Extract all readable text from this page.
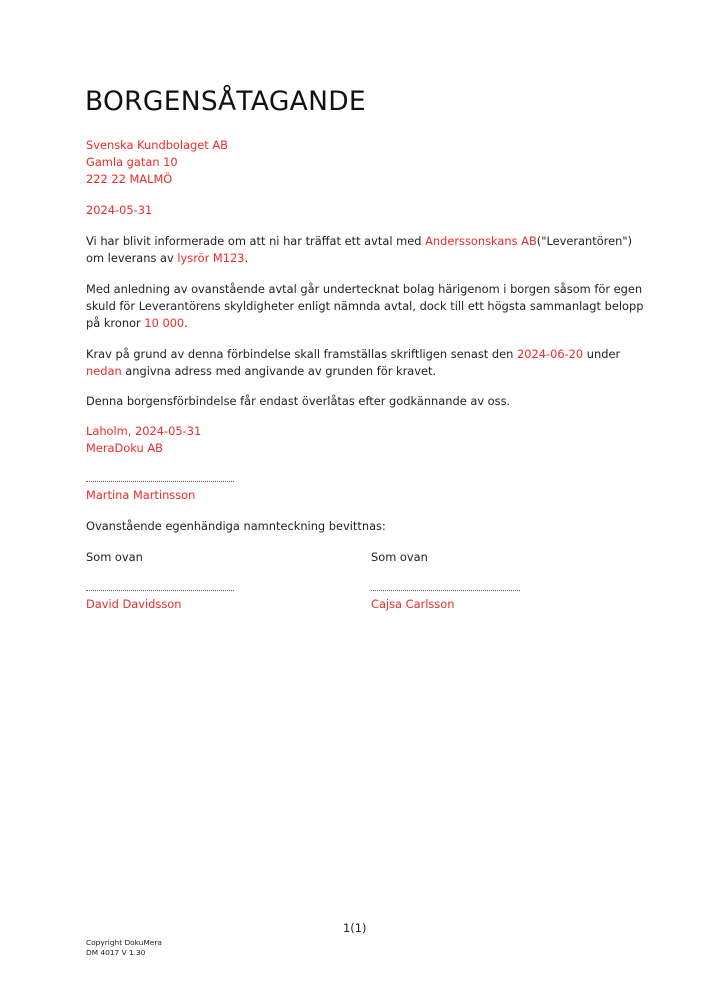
BORGENSÅTAGANDE
Svenska Kundbolaget AB
Gamla gatan 10
222 22 MALMÖ
2024-05-31
Vi har blivit informerade om att ni har träffat ett avtal med Anderssonskans AB("Leverantören")
om leverans av lysrör M123.
Med anledning av ovanstående avtal går undertecknat bolag härigenom i borgen såsom för egen
skuld för Leverantörens skyldigheter enligt nämnda avtal, dock till ett högsta sammanlagt belopp
på kronor 10 000.
Krav på grund av denna förbindelse skall framställas skriftligen senast den 2024-06-20 under
nedan angivna adress med angivande av grunden för kravet.
Denna borgensförbindelse får endast överlåtas efter godkännande av oss.
Laholm, 2024-05-31
MeraDoku AB
Martina Martinsson
Ovanstående egenhändiga namnteckning bevittnas:
Som ovan
David Davidsson
Som ovan
Cajsa Carlsson
1(1)
Copyright DokuMera
DM 4017 V 1.30
